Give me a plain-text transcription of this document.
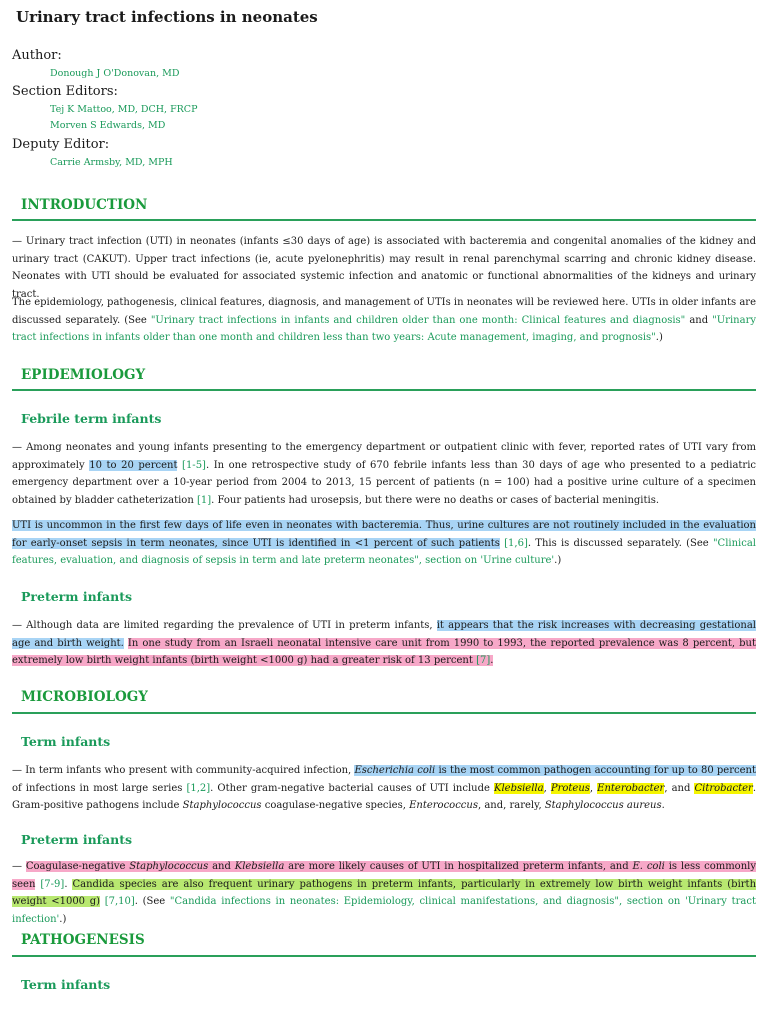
Urinary tract infections in neonates
Author:
Donough J O'Donovan, MD
Section Editors:
Tej K Mattoo, MD, DCH, FRCP
Morven S Edwards, MD
Deputy Editor:
Carrie Armsby, MD, MPH
INTRODUCTION
— Urinary tract infection (UTI) in neonates (infants ≤30 days of age) is associated with bacteremia and congenital anomalies of the kidney and urinary tract (CAKUT). Upper tract infections (ie, acute pyelonephritis) may result in renal parenchymal scarring and chronic kidney disease. Neonates with UTI should be evaluated for associated systemic infection and anatomic or functional abnormalities of the kidneys and urinary tract.
The epidemiology, pathogenesis, clinical features, diagnosis, and management of UTIs in neonates will be reviewed here. UTIs in older infants are discussed separately. (See "Urinary tract infections in infants and children older than one month: Clinical features and diagnosis" and "Urinary tract infections in infants older than one month and children less than two years: Acute management, imaging, and prognosis".)
EPIDEMIOLOGY
Febrile term infants
— Among neonates and young infants presenting to the emergency department or outpatient clinic with fever, reported rates of UTI vary from approximately 10 to 20 percent [1-5]. In one retrospective study of 670 febrile infants less than 30 days of age who presented to a pediatric emergency department over a 10-year period from 2004 to 2013, 15 percent of patients (n = 100) had a positive urine culture of a specimen obtained by bladder catheterization [1]. Four patients had urosepsis, but there were no deaths or cases of bacterial meningitis.
UTI is uncommon in the first few days of life even in neonates with bacteremia. Thus, urine cultures are not routinely included in the evaluation for early-onset sepsis in term neonates, since UTI is identified in <1 percent of such patients [1,6]. This is discussed separately. (See "Clinical features, evaluation, and diagnosis of sepsis in term and late preterm neonates", section on 'Urine culture'.)
Preterm infants
— Although data are limited regarding the prevalence of UTI in preterm infants, it appears that the risk increases with decreasing gestational age and birth weight. In one study from an Israeli neonatal intensive care unit from 1990 to 1993, the reported prevalence was 8 percent, but extremely low birth weight infants (birth weight <1000 g) had a greater risk of 13 percent [7].
MICROBIOLOGY
Term infants
— In term infants who present with community-acquired infection, Escherichia coli is the most common pathogen accounting for up to 80 percent of infections in most large series [1,2]. Other gram-negative bacterial causes of UTI include Klebsiella, Proteus, Enterobacter, and Citrobacter. Gram-positive pathogens include Staphylococcus coagulase-negative species, Enterococcus, and, rarely, Staphylococcus aureus.
Preterm infants
— Coagulase-negative Staphylococcus and Klebsiella are more likely causes of UTI in hospitalized preterm infants, and E. coli is less commonly seen [7-9]. Candida species are also frequent urinary pathogens in preterm infants, particularly in extremely low birth weight infants (birth weight <1000 g) [7,10]. (See "Candida infections in neonates: Epidemiology, clinical manifestations, and diagnosis", section on 'Urinary tract infection'.)
PATHOGENESIS
Term infants
